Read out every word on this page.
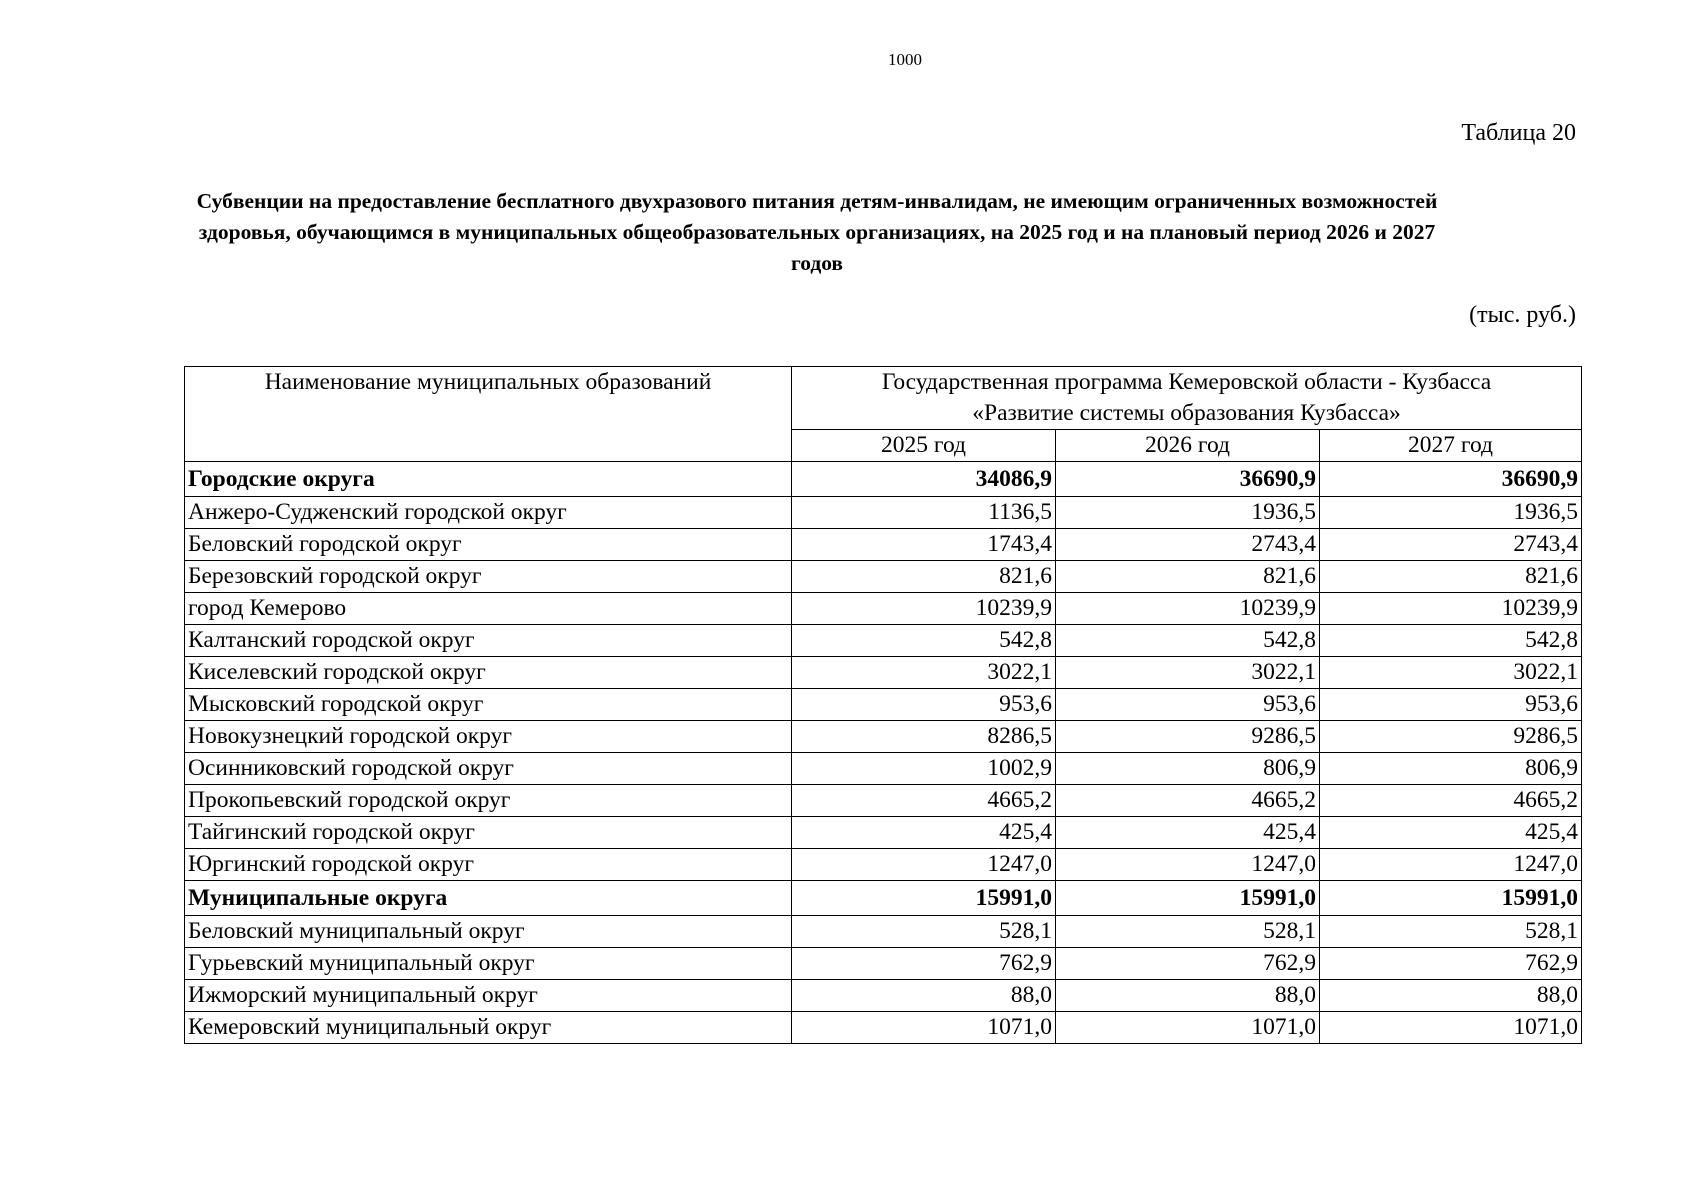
1000
Таблица 20
Субвенции на предоставление бесплатного двухразового питания детям-инвалидам, не имеющим ограниченных возможностей здоровья, обучающимся в муниципальных общеобразовательных организациях, на 2025 год и на плановый период 2026 и 2027 годов
(тыс. руб.)
Наименование муниципальных образований	Государственная программа Кемеровской области - Кузбасса
«Развитие системы образования Кузбасса»		

	2025 год	2026 год	2027 год
Городские округа	34086,9	36690,9	36690,9
Анжеро-Судженский городской округ	1136,5	1936,5	1936,5
Беловский городской округ	1743,4	2743,4	2743,4
Березовский городской округ	821,6	821,6	821,6
город Кемерово	10239,9	10239,9	10239,9
Калтанский городской округ	542,8	542,8	542,8
Киселевский городской округ	3022,1	3022,1	3022,1
Мысковский городской округ	953,6	953,6	953,6
Новокузнецкий городской округ	8286,5	9286,5	9286,5
Осинниковский городской округ	1002,9	806,9	806,9
Прокопьевский городской округ	4665,2	4665,2	4665,2
Тайгинский городской округ	425,4	425,4	425,4
Юргинский городской округ	1247,0	1247,0	1247,0
Муниципальные округа	15991,0	15991,0	15991,0
Беловский муниципальный округ	528,1	528,1	528,1
Гурьевский муниципальный округ	762,9	762,9	762,9
Ижморский муниципальный округ	88,0	88,0	88,0
Кемеровский муниципальный округ	1071,0	1071,0	1071,0
